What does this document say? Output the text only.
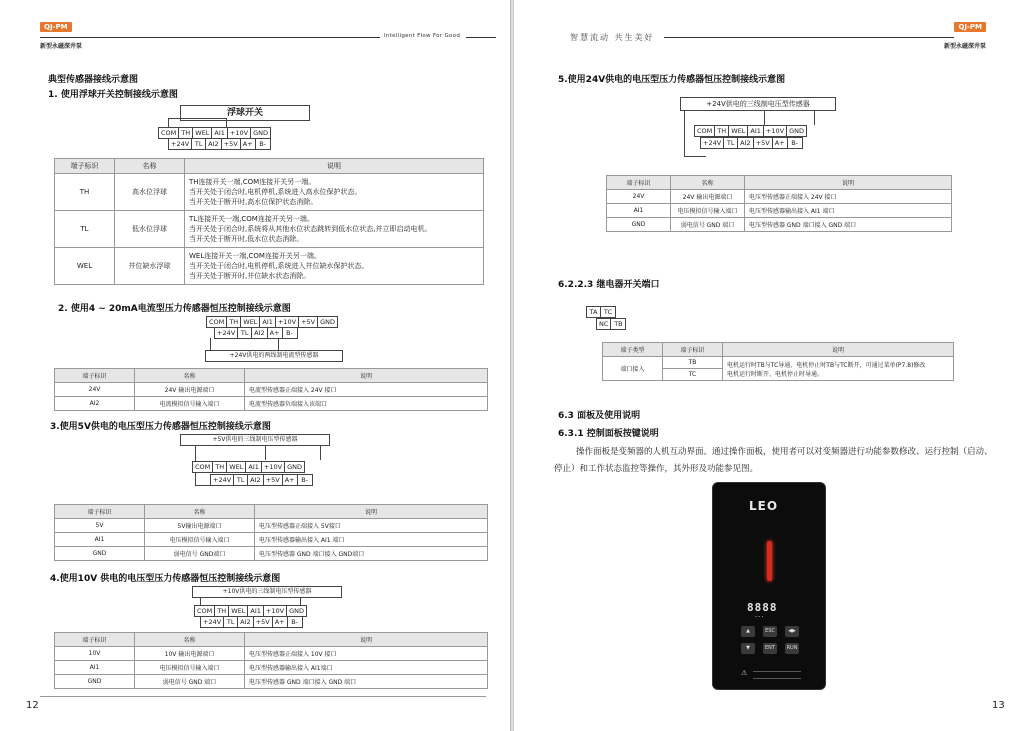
QJ-PM
新型永磁深井泵
Intelligent Flow For Good
典型传感器接线示意图
1. 使用浮球开关控制接线示意图
浮球开关
COM TH WEL AI1 +10V GND
+24V TL AI2 +5V A+	B-
端子标识	名称	说明
TH	高水位浮球	TH连接开关一端,COM连接开关另一端。
当开关处于闭合时,电机停机,系统进入高水位保护状态。
当开关处于断开时,高水位保护状态消除。

TL	低水位浮球	TL连接开关一端,COM连接开关另一端。
当开关处于闭合时,系统将从其他水位状态跳转到低水位状态,并立即启动电机。
当开关处于断开时,低水位状态消除。

WEL	井位缺水浮球	WEL连接开关一端,COM连接开关另一端。
当开关处于闭合时,电机停机,系统进入井位缺水保护状态。
当开关处于断开时,井位缺水状态消除。
2. 使用4 ~ 20mA电流型压力传感器恒压控制接线示意图
COM TH WEL AI1 +10V +5V GND
+24V TL AI2 A+	B-
+24V供电的两线制电流型传感器
端子标识	名称	说明
24V	24V 输出电源端口	电流型传感器正端接入 24V 接口
AI2	电流模拟信号输入端口	电流型传感器负端接入该端口
3.使用5V供电的电压型压力传感器恒压控制接线示意图
+5V供电的三线制电压型传感器
COM TH WEL AI1 +10V GND
+24V TL AI2 +5V A+	B-
端子标识	名称	说明
5V	5V输出电源端口	电压型传感器正端接入 5V接口
AI1	电压模拟信号输入端口	电压型传感器输出接入 AI1 端口
GND	弱电信号 GND端口	电压型传感器 GND 端口接入 GND端口
4.使用10V 供电的电压型压力传感器恒压控制接线示意图
+10V供电的三线制电压型传感器
COM TH WEL AI1 +10V GND
+24V TL AI2 +5V A+	B-
端子标识	名称	说明
10V	10V 输出电源端口	电压型传感器正端接入 10V 接口
AI1	电压模拟信号输入端口	电压型传感器输出接入 AI1端口
GND	弱电信号 GND 端口	电压型传感器 GND 端口接入 GND 端口
12
智慧流动 共生美好
QJ-PM
新型永磁深井泵
5.使用24V供电的电压型压力传感器恒压控制接线示意图
+24V供电的三线制电压型传感器
COM TH WEL AI1 +10V GND
+24V TL AI2 +5V A+	B-
端子标识	名称	说明
24V	24V 输出电源端口	电压型传感器正端接入 24V 接口
AI1	电压模拟信号输入端口	电压型传感器输出接入 AI1 端口
GND	弱电信号 GND 端口	电压型传感器 GND 端口接入 GND 端口
6.2.2.3 继电器开关端口
TA TC
NC TB
端子类型	端子标识	说明
端口接入	TB	电机运行时TB与TC导通、电机停止时TB与TC断开，可通过菜单(P7.8)修改
电机运行时断开、电机停止时导通。

	TC	
6.3 面板及使用说明
6.3.1 控制面板按键说明
操作面板是变频器的人机互动界面。通过操作面板，使用者可以对变频器进行功能参数修改、运行控制（启动、停止）和工作状态监控等操作，其外形及功能参见图。
LEO
8888
• • •
▲	ESC	◀▶
▼	ENT	RUN
⚠
13
